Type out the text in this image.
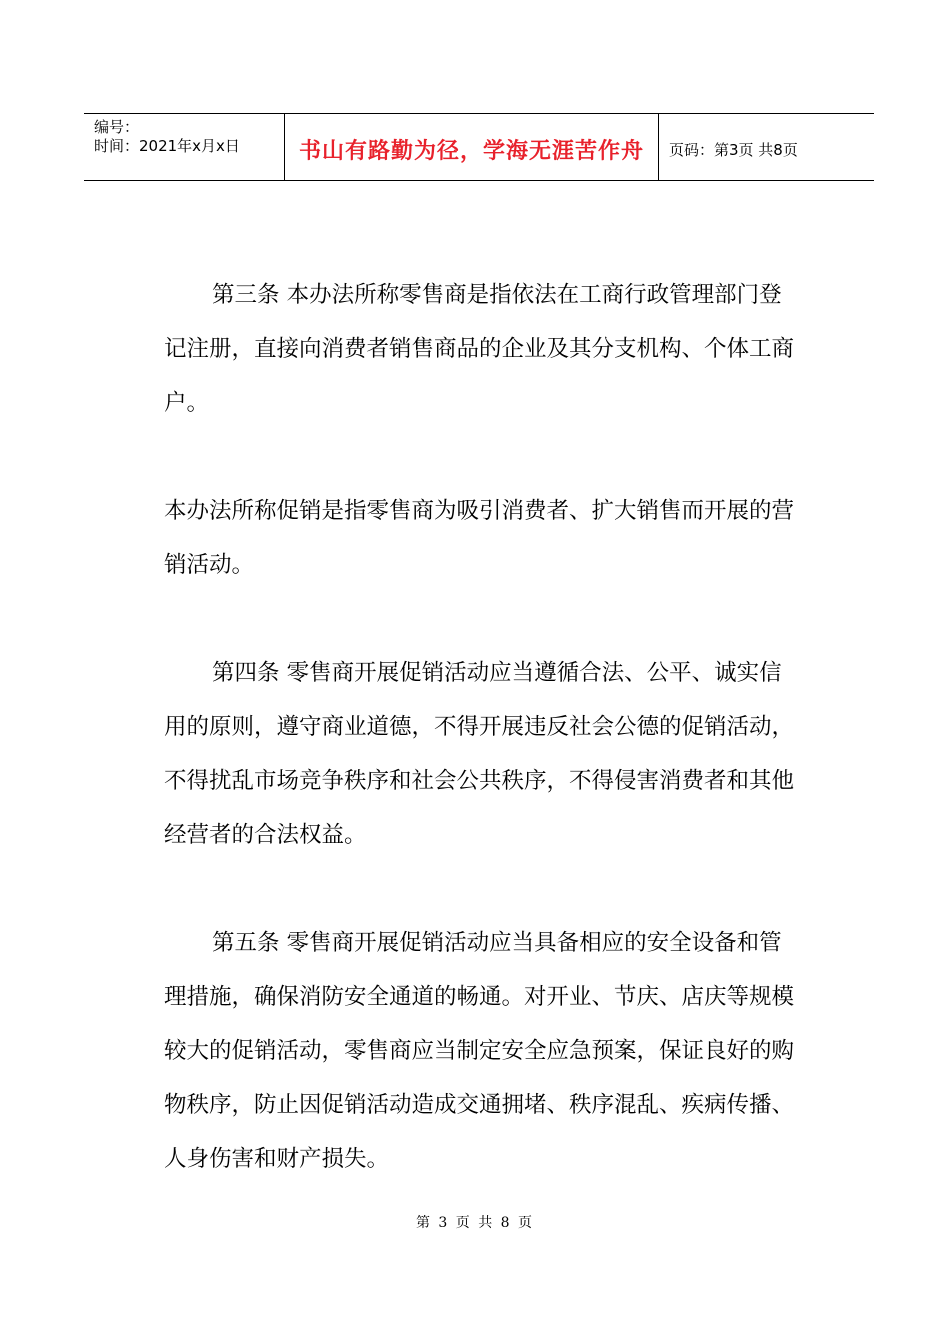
编号：
时间：2021年x月x日	书山有路勤为径，学海无涯苦作舟	页码：第3页 共8页

第三条 本办法所称零售商是指依法在工商行政管理部门登记注册，直接向消费者销售商品的企业及其分支机构、个体工商户。

本办法所称促销是指零售商为吸引消费者、扩大销售而开展的营销活动。

第四条 零售商开展促销活动应当遵循合法、公平、诚实信用的原则，遵守商业道德，不得开展违反社会公德的促销活动，不得扰乱市场竞争秩序和社会公共秩序，不得侵害消费者和其他经营者的合法权益。

第五条 零售商开展促销活动应当具备相应的安全设备和管理措施，确保消防安全通道的畅通。对开业、节庆、店庆等规模较大的促销活动，零售商应当制定安全应急预案，保证良好的购物秩序，防止因促销活动造成交通拥堵、秩序混乱、疾病传播、人身伤害和财产损失。

第 3 页 共 8 页
